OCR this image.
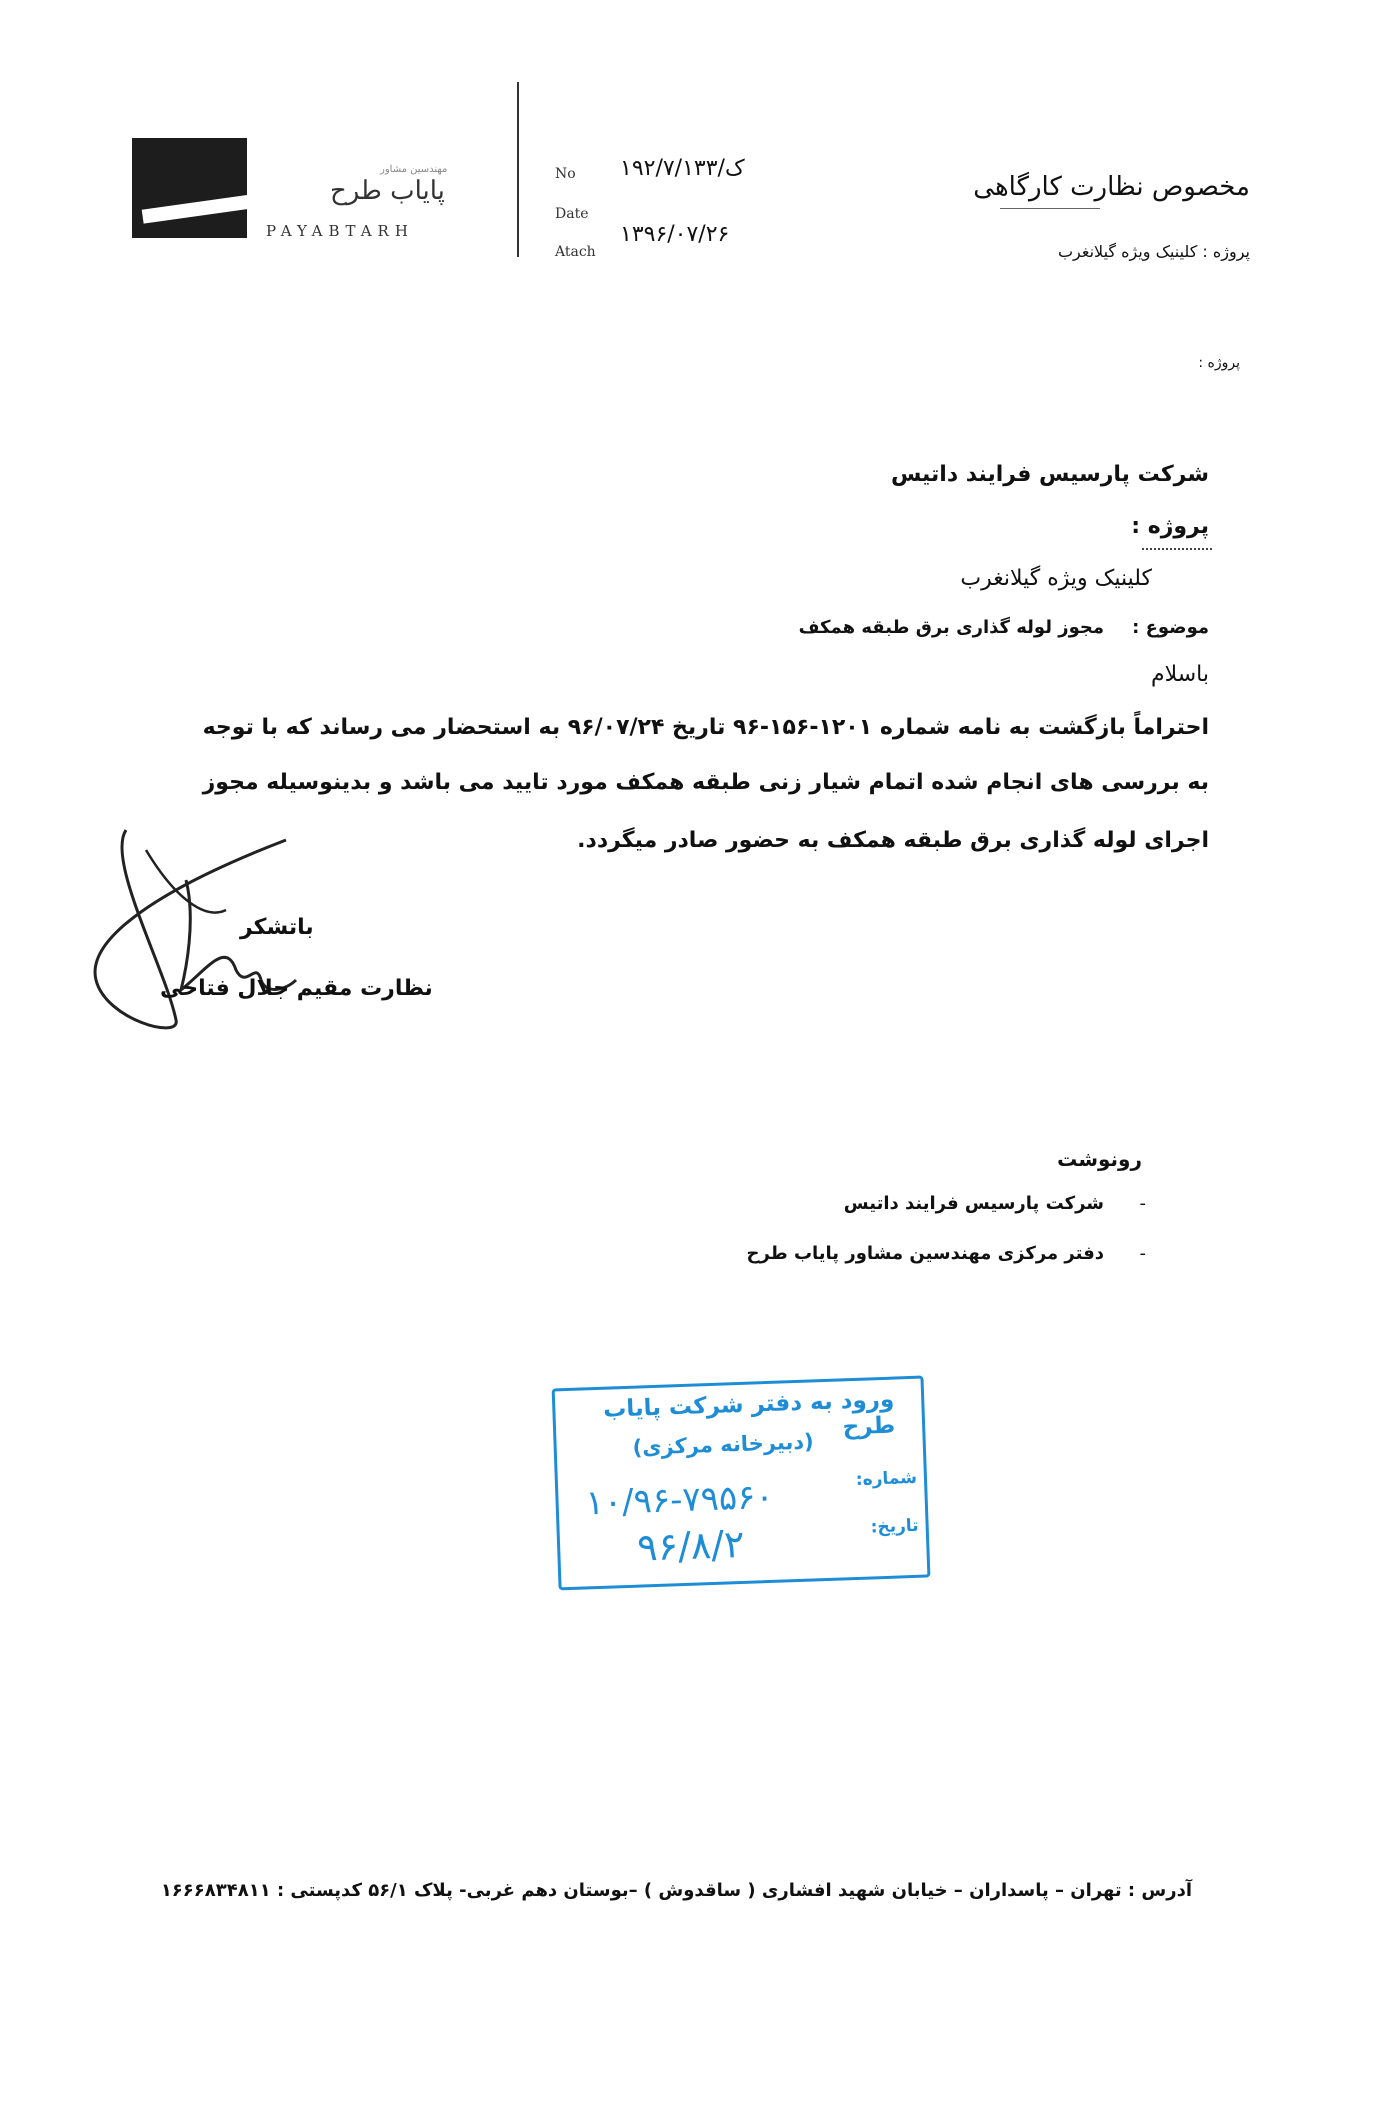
مهندسین مشاور
پایاب طرح
PAYABTARH
No
Date
Atach
۱۹۲/۷/ک/۱۳۳
۱۳۹۶/۰۷/۲۶
مخصوص نظارت کارگاهی
پروژه : کلینیک ویژه گیلانغرب
پروژه :
شرکت پارسیس فرایند داتیس
پروژه :
کلینیک ویژه گیلانغرب
موضوع :
مجوز لوله گذاری برق طبقه همکف
باسلام
احتراماً بازگشت به نامه شماره ۱۲۰۱-۱۵۶-۹۶ تاریخ ۹۶/۰۷/۲۴ به استحضار می رساند که با توجه
به بررسی های انجام شده اتمام شیار زنی طبقه همکف مورد تایید می باشد و بدینوسیله مجوز
اجرای لوله گذاری برق طبقه همکف به حضور صادر میگردد.
باتشکر
نظارت مقیم جلال فتاحی
رونوشت
-
شرکت پارسیس فرایند داتیس
-
دفتر مرکزی مهندسین مشاور پایاب طرح
ورود به دفتر شرکت پایاب طرح
(دبیرخانه مرکزی)
شماره:
تاریخ:
۱۰/۹۶-۷۹۵۶۰
۹۶/۸/۲
آدرس : تهران – پاسداران – خیابان شهید افشاری ( ساقدوش ) –بوستان دهم غربی- پلاک ۵۶/۱ کدپستی : ۱۶۶۶۸۳۴۸۱۱
